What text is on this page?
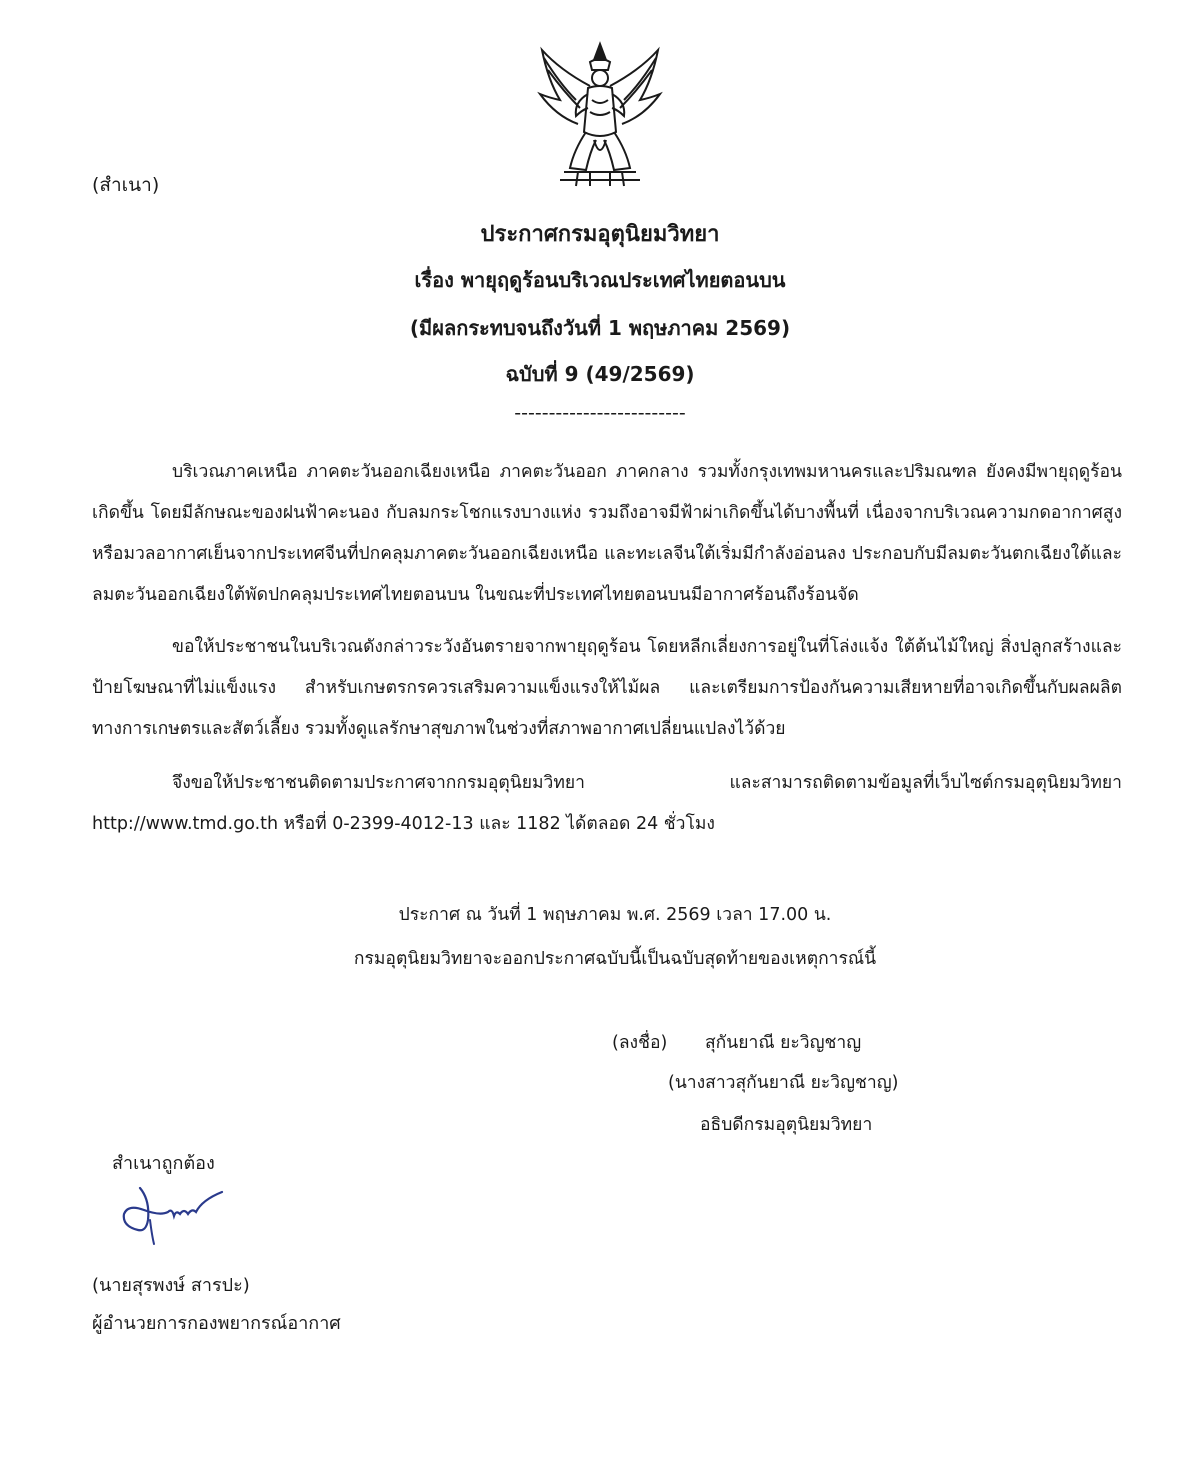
(สำเนา)
ประกาศกรมอุตุนิยมวิทยา
เรื่อง พายุฤดูร้อนบริเวณประเทศไทยตอนบน
(มีผลกระทบจนถึงวันที่ 1 พฤษภาคม 2569)
ฉบับที่ 9 (49/2569)
-------------------------
บริเวณภาคเหนือ ภาคตะวันออกเฉียงเหนือ ภาคตะวันออก ภาคกลาง รวมทั้งกรุงเทพมหานครและปริมณฑล ยังคงมีพายุฤดูร้อนเกิดขึ้น โดยมีลักษณะของฝนฟ้าคะนอง กับลมกระโชกแรงบางแห่ง รวมถึงอาจมีฟ้าผ่าเกิดขึ้นได้บางพื้นที่ เนื่องจากบริเวณความกดอากาศสูงหรือมวลอากาศเย็นจากประเทศจีนที่ปกคลุมภาคตะวันออกเฉียงเหนือ และทะเลจีนใต้เริ่มมีกำลังอ่อนลง ประกอบกับมีลมตะวันตกเฉียงใต้และลมตะวันออกเฉียงใต้พัดปกคลุมประเทศไทยตอนบน ในขณะที่ประเทศไทยตอนบนมีอากาศร้อนถึงร้อนจัด
ขอให้ประชาชนในบริเวณดังกล่าวระวังอันตรายจากพายุฤดูร้อน โดยหลีกเลี่ยงการอยู่ในที่โล่งแจ้ง ใต้ต้นไม้ใหญ่ สิ่งปลูกสร้างและป้ายโฆษณาที่ไม่แข็งแรง สำหรับเกษตรกรควรเสริมความแข็งแรงให้ไม้ผล และเตรียมการป้องกันความเสียหายที่อาจเกิดขึ้นกับผลผลิตทางการเกษตรและสัตว์เลี้ยง รวมทั้งดูแลรักษาสุขภาพในช่วงที่สภาพอากาศเปลี่ยนแปลงไว้ด้วย
จึงขอให้ประชาชนติดตามประกาศจากกรมอุตุนิยมวิทยา และสามารถติดตามข้อมูลที่เว็บไซต์กรมอุตุนิยมวิทยา http://www.tmd.go.th หรือที่ 0-2399-4012-13 และ 1182 ได้ตลอด 24 ชั่วโมง
ประกาศ ณ วันที่ 1 พฤษภาคม พ.ศ. 2569 เวลา 17.00 น.
กรมอุตุนิยมวิทยาจะออกประกาศฉบับนี้เป็นฉบับสุดท้ายของเหตุการณ์นี้
(ลงชื่อ) สุกันยาณี ยะวิญชาญ
(นางสาวสุกันยาณี ยะวิญชาญ)
อธิบดีกรมอุตุนิยมวิทยา
สำเนาถูกต้อง
(นายสุรพงษ์ สารปะ)
ผู้อำนวยการกองพยากรณ์อากาศ
